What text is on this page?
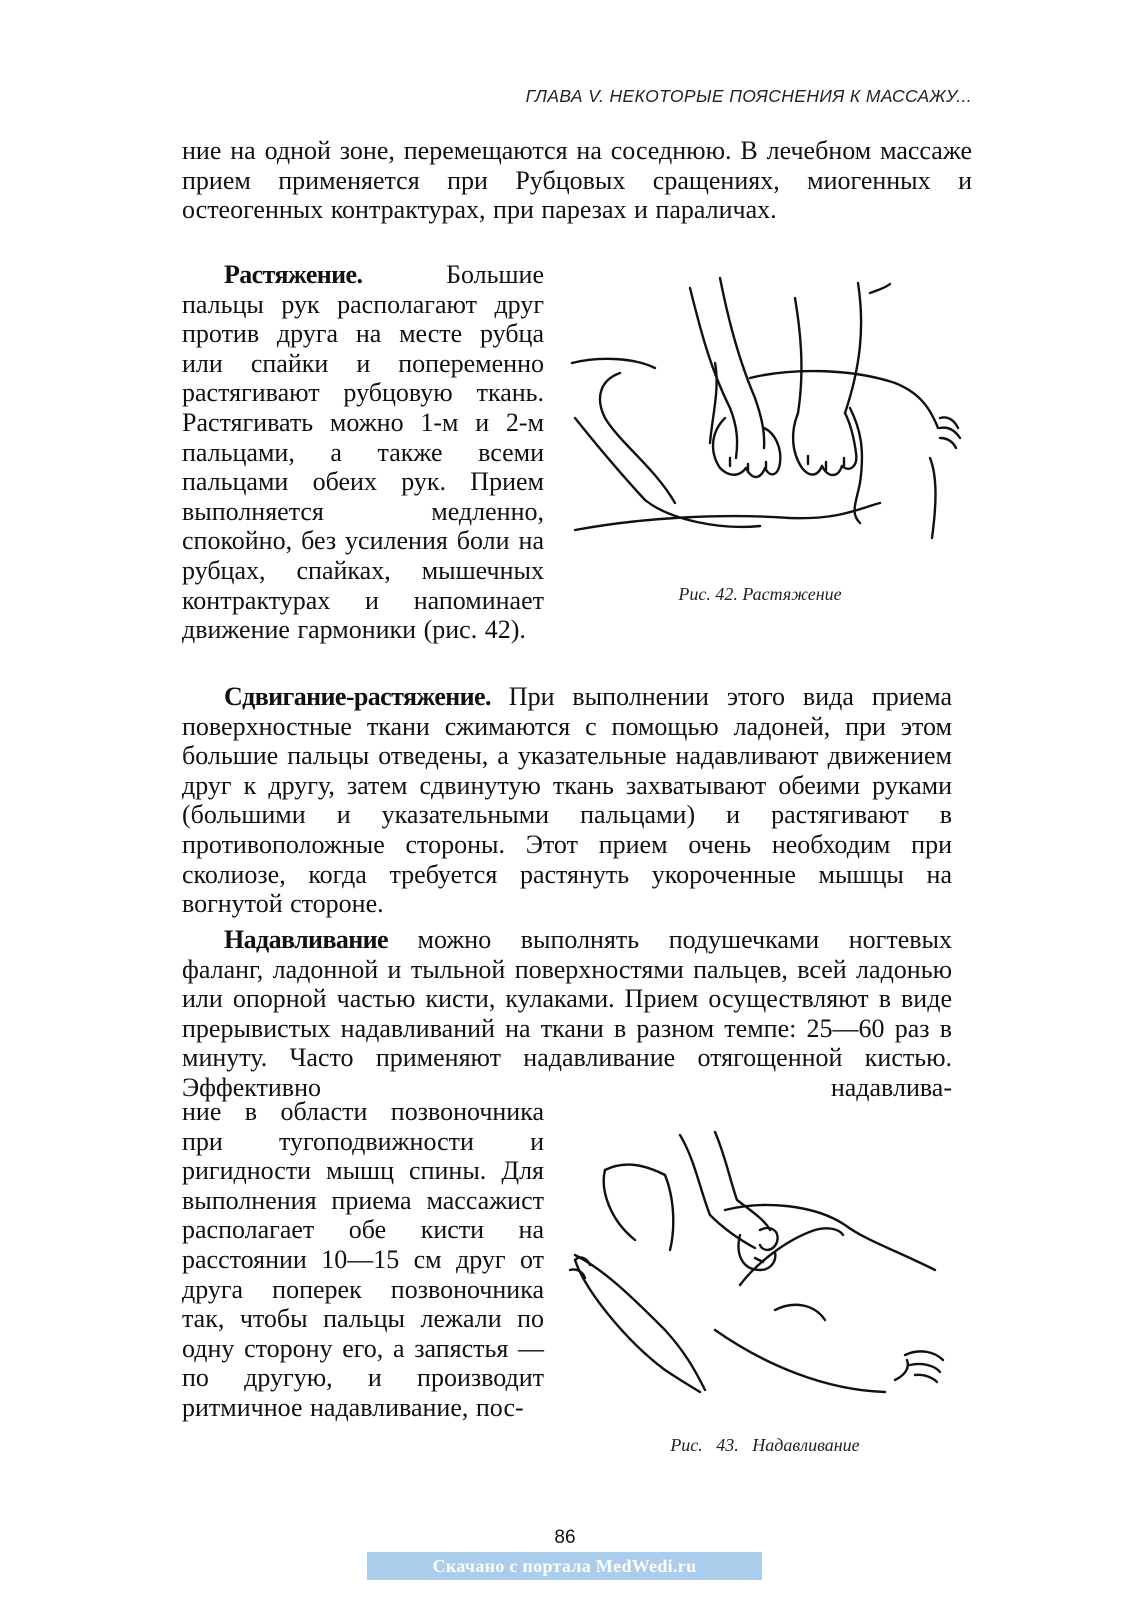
ГЛАВА V. НЕКОТОРЫЕ ПОЯСНЕНИЯ К МАССАЖУ...

ние на одной зоне, перемещаются на соседнюю. В лечебном массаже прием применяется при Рубцовых сращениях, миогенных и остеогенных контрактурах, при парезах и параличах.

Растяжение.	Большие пальцы рук располагают друг против друга на месте рубца или спайки и попеременно растягивают рубцовую ткань. Растягивать можно 1-м и 2-м пальцами, а также всеми пальцами обеих рук. Прием выполняется медленно, спокойно, без усиления боли на рубцах, спайках, мышечных контрактурах и напоминает движение гармоники (рис. 42).

Рис. 42. Растяжение

Сдвигание-растяжение. При выполнении этого вида приема поверхностные ткани сжимаются с помощью ладоней, при этом большие пальцы отведены, а указательные надавливают движением друг к другу, затем сдвинутую ткань захватывают обеими руками (большими и указательными пальцами) и растягивают в противоположные стороны. Этот прием очень необходим при сколиозе, когда требуется растянуть укороченные мышцы на вогнутой стороне.

Надавливание можно выполнять подушечками ногтевых фаланг, ладонной и тыльной поверхностями пальцев, всей ладонью или опорной частью кисти, кулаками. Прием осуществляют в виде прерывистых надавливаний на ткани в разном темпе: 25—60 раз в минуту. Часто применяют надавливание отягощенной кистью. Эффективно надавлива-

ние в области позвоночника при тугоподвижности и ригидности мышц спины. Для выполнения приема массажист располагает обе кисти на расстоянии 10—15 см друг от друга поперек позвоночника так, чтобы пальцы лежали по одну сторону его, а запястья — по другую, и производит ритмичное надавливание, пос-

Рис.   43.   Надавливание
86
Скачано с портала MedWedi.ru
